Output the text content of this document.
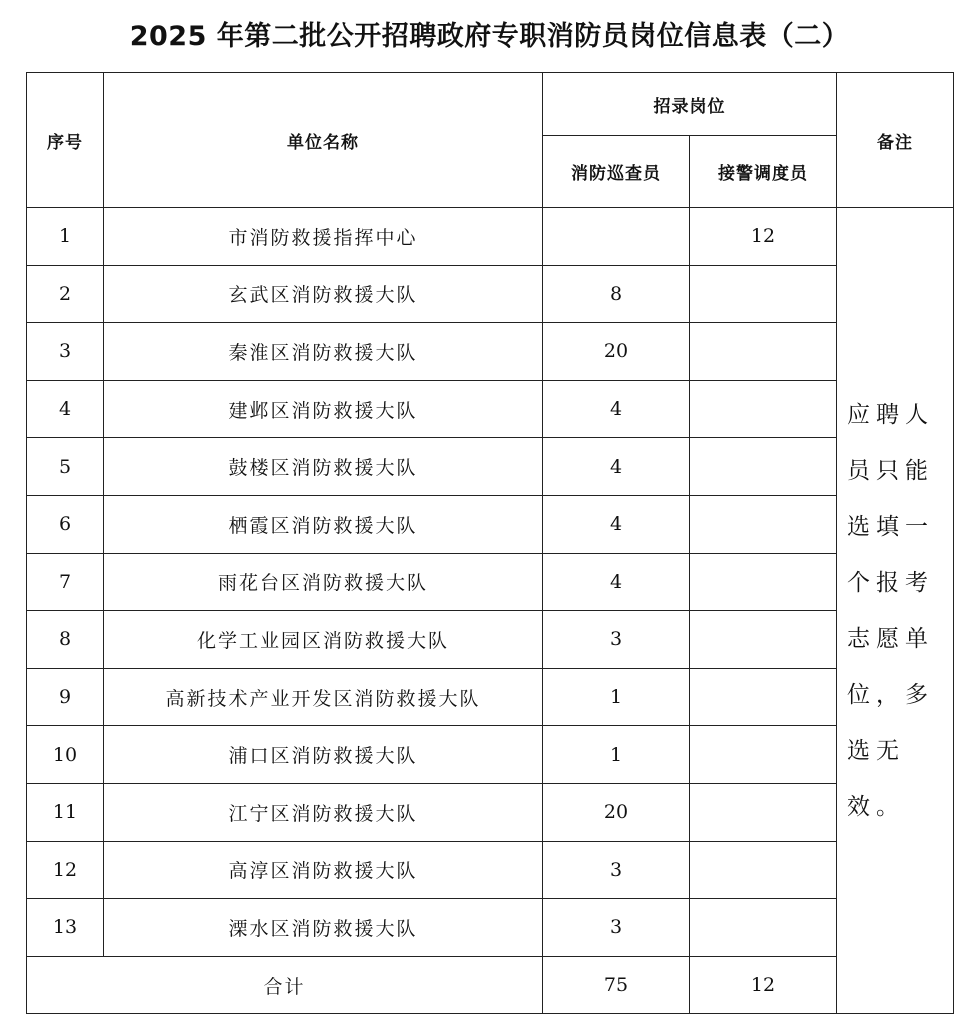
2025 年第二批公开招聘政府专职消防员岗位信息表（二）
序号	单位名称	招录岗位		备注
		消防巡查员	接警调度员	
1	市消防救援指挥中心		12	应聘人员只能选填一个报考志愿单位，多选无效。
2	玄武区消防救援大队	8		
3	秦淮区消防救援大队	20		
4	建邺区消防救援大队	4		
5	鼓楼区消防救援大队	4		
6	栖霞区消防救援大队	4		
7	雨花台区消防救援大队	4		
8	化学工业园区消防救援大队	3		
9	高新技术产业开发区消防救援大队	1		
10	浦口区消防救援大队	1		
11	江宁区消防救援大队	20		
12	高淳区消防救援大队	3		
13	溧水区消防救援大队	3		
合计		75	12	
